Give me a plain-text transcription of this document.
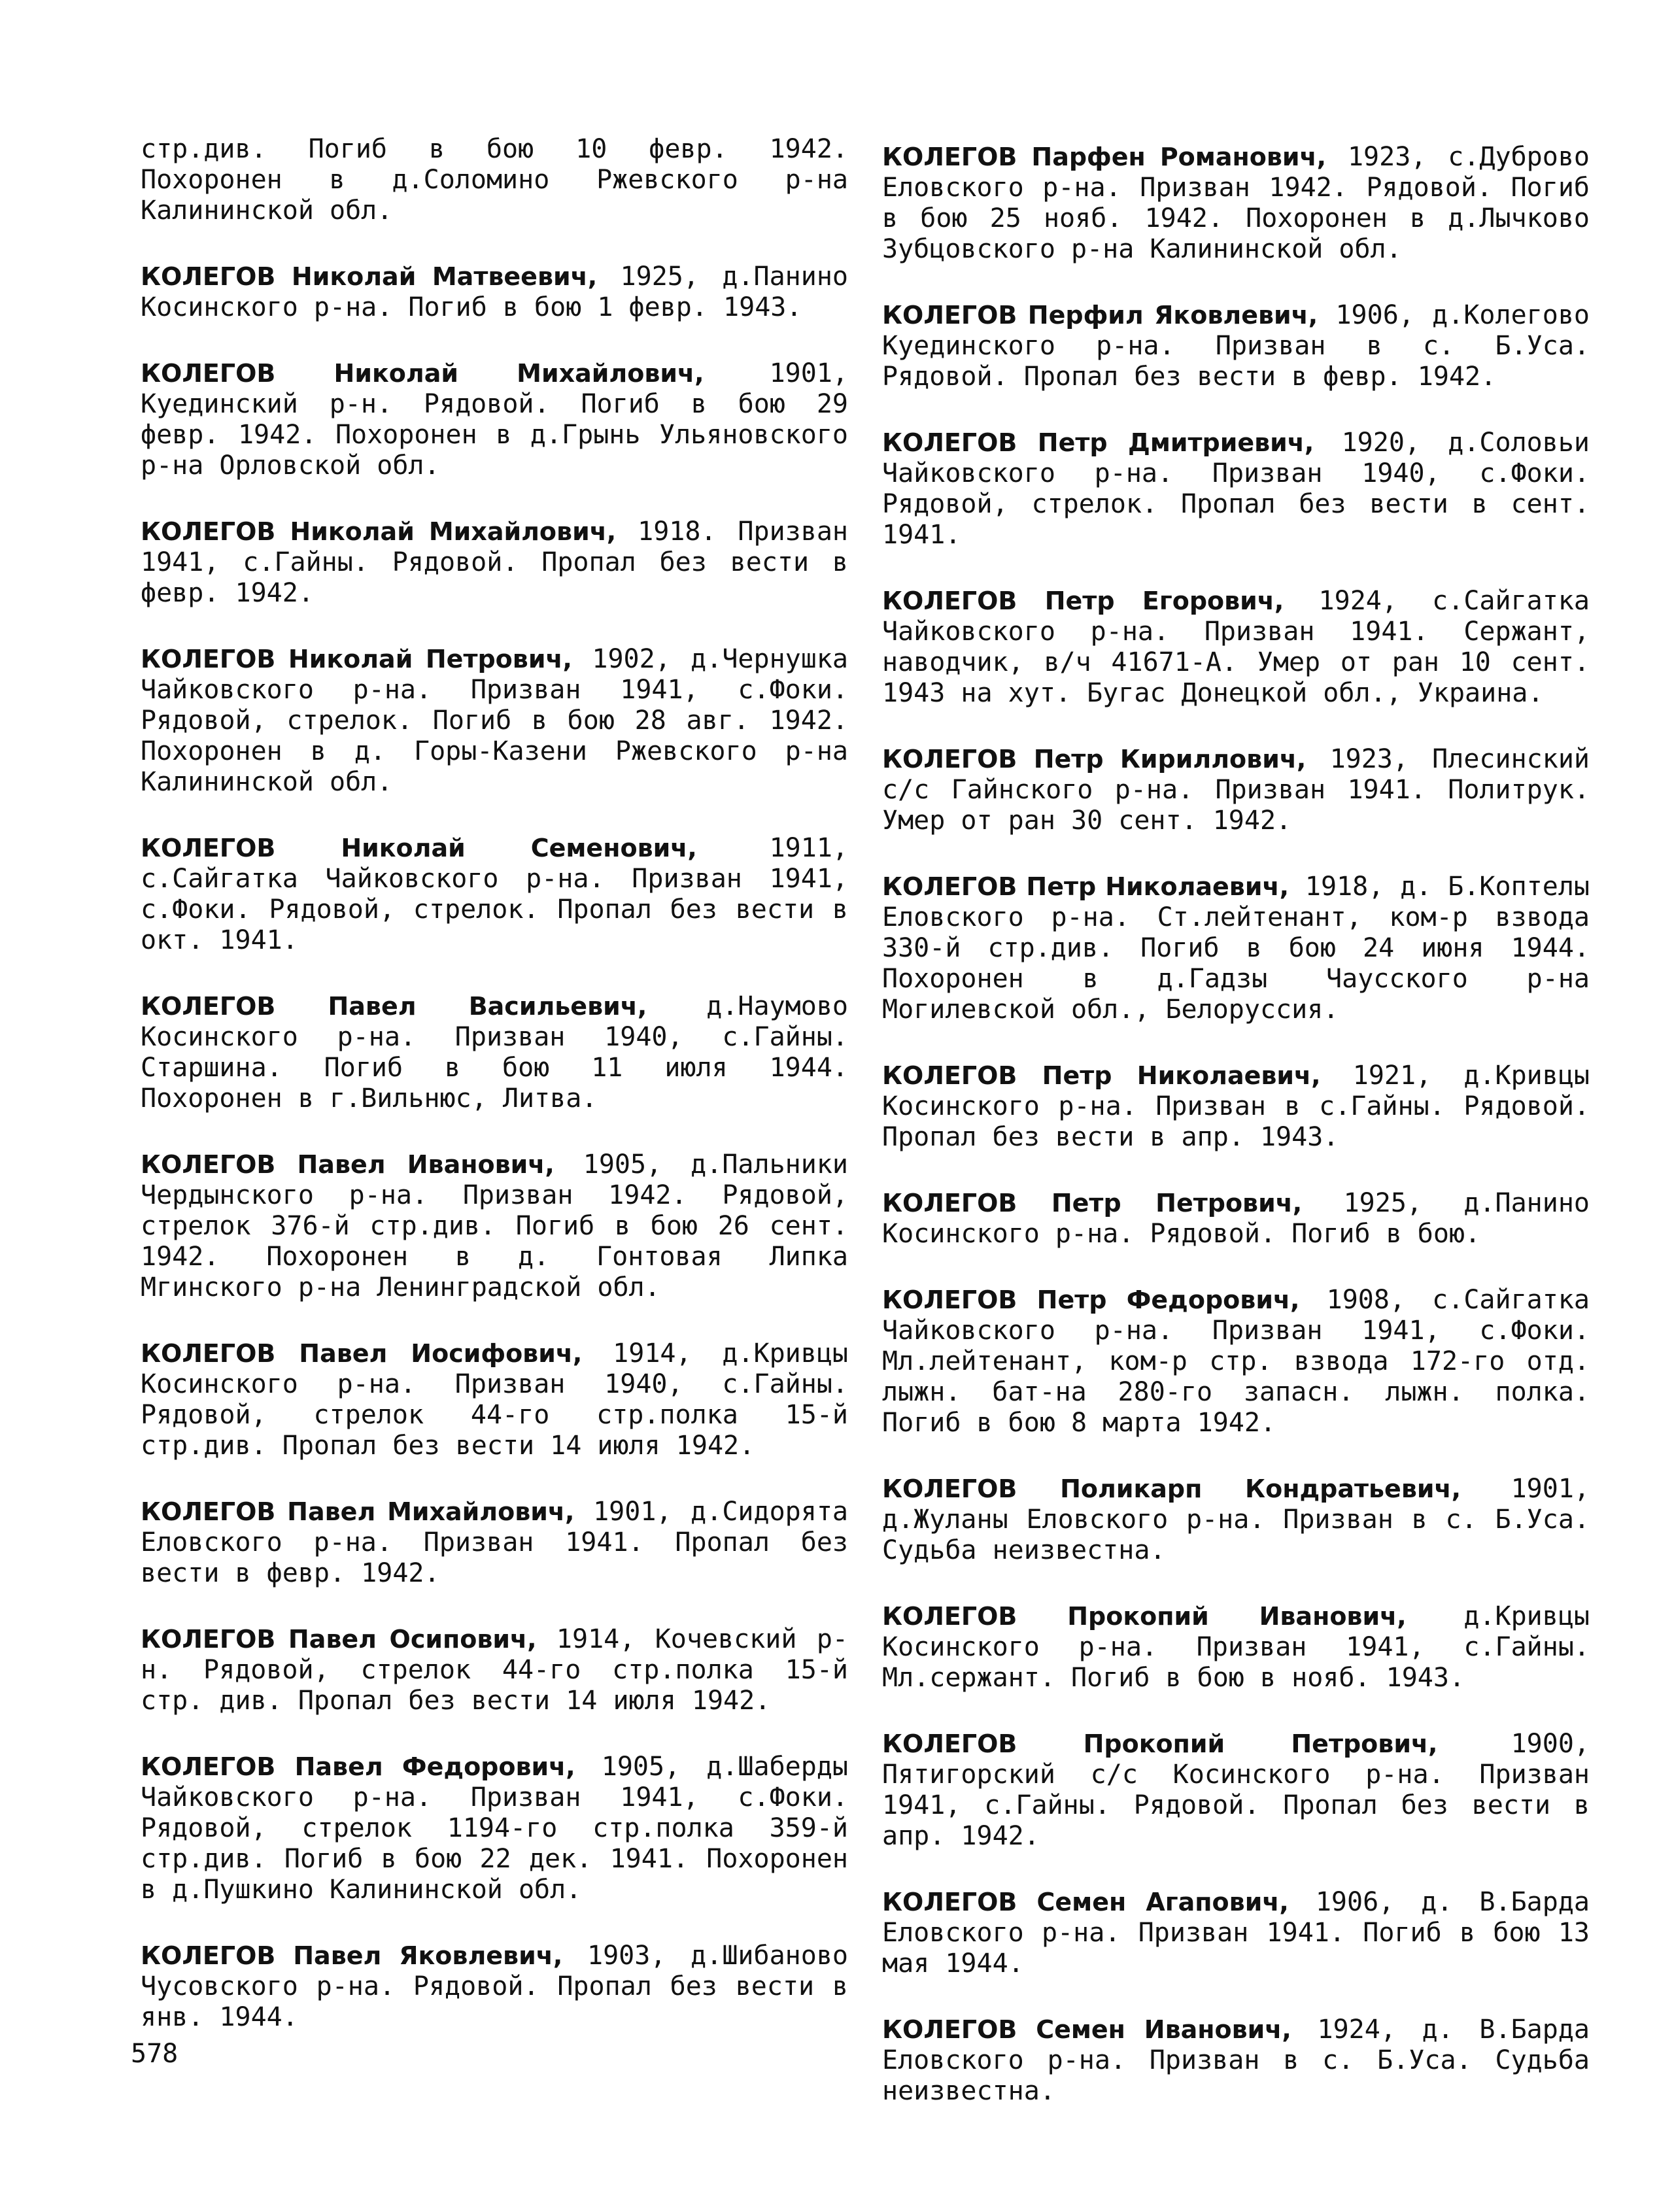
стр.див. Погиб в бою 10 февр. 1942. Похоронен в д.Соломино Ржевского р-на Калининской обл.

КОЛЕГОВ Николай Матвеевич, 1925, д.Панино Косинского р-на. Погиб в бою 1 февр. 1943.

КОЛЕГОВ Николай Михайлович, 1901, Куединский р-н. Рядовой. Погиб в бою 29 февр. 1942. Похоронен в д.Грынь Ульяновского р-на Орловской обл.

КОЛЕГОВ Николай Михайлович, 1918. Призван 1941, с.Гайны. Рядовой. Пропал без вести в февр. 1942.

КОЛЕГОВ Николай Петрович, 1902, д.Чернушка Чайковского р-на. Призван 1941, с.Фоки. Рядовой, стрелок. Погиб в бою 28 авг. 1942. Похоронен в д. Горы-Казени Ржевского р-на Калининской обл.

КОЛЕГОВ Николай Семенович, 1911, с.Сайгатка Чайковского р-на. Призван 1941, с.Фоки. Рядовой, стрелок. Пропал без вести в окт. 1941.

КОЛЕГОВ Павел Васильевич, д.Наумово Косинского р-на. Призван 1940, с.Гайны. Старшина. Погиб в бою 11 июля 1944. Похоронен в г.Вильнюс, Литва.

КОЛЕГОВ Павел Иванович, 1905, д.Пальники Чердынского р-на. Призван 1942. Рядовой, стрелок 376-й стр.див. Погиб в бою 26 сент. 1942. Похоронен в д. Гонтовая Липка Мгинского р-на Ленинградской обл.

КОЛЕГОВ Павел Иосифович, 1914, д.Кривцы Косинского р-на. Призван 1940, с.Гайны. Рядовой, стрелок 44-го стр.полка 15-й стр.див. Пропал без вести 14 июля 1942.

КОЛЕГОВ Павел Михайлович, 1901, д.Сидорята Еловского р-на. Призван 1941. Пропал без вести в февр. 1942.

КОЛЕГОВ Павел Осипович, 1914, Кочевский р-н. Рядовой, стрелок 44-го стр.полка 15-й стр. див. Пропал без вести 14 июля 1942.

КОЛЕГОВ Павел Федорович, 1905, д.Шаберды Чайковского р-на. Призван 1941, с.Фоки. Рядовой, стрелок 1194-го стр.полка 359-й стр.див. Погиб в бою 22 дек. 1941. Похоронен в д.Пушкино Калининской обл.

КОЛЕГОВ Павел Яковлевич, 1903, д.Шибаново Чусовского р-на. Рядовой. Пропал без вести в янв. 1944.

КОЛЕГОВ Парфен Романович, 1923, с.Дуброво Еловского р-на. Призван 1942. Рядовой. Погиб в бою 25 нояб. 1942. Похоронен в д.Лычково Зубцовского р-на Калининской обл.

КОЛЕГОВ Перфил Яковлевич, 1906, д.Колегово Куединского р-на. Призван в с. Б.Уса. Рядовой. Пропал без вести в февр. 1942.

КОЛЕГОВ Петр Дмитриевич, 1920, д.Соловьи Чайковского р-на. Призван 1940, с.Фоки. Рядовой, стрелок. Пропал без вести в сент. 1941.

КОЛЕГОВ Петр Егорович, 1924, с.Сайгатка Чайковского р-на. Призван 1941. Сержант, наводчик, в/ч 41671-А. Умер от ран 10 сент. 1943 на хут. Бугас Донецкой обл., Украина.

КОЛЕГОВ Петр Кириллович, 1923, Плесинский с/с Гайнского р-на. Призван 1941. Политрук. Умер от ран 30 сент. 1942.

КОЛЕГОВ Петр Николаевич, 1918, д. Б.Коптелы Еловского р-на. Ст.лейтенант, ком-р взвода 330-й стр.див. Погиб в бою 24 июня 1944. Похоронен в д.Гадзы Чаусского р-на Могилевской обл., Белоруссия.

КОЛЕГОВ Петр Николаевич, 1921, д.Кривцы Косинского р-на. Призван в с.Гайны. Рядовой. Пропал без вести в апр. 1943.

КОЛЕГОВ Петр Петрович, 1925, д.Панино Косинского р-на. Рядовой. Погиб в бою.

КОЛЕГОВ Петр Федорович, 1908, с.Сайгатка Чайковского р-на. Призван 1941, с.Фоки. Мл.лейтенант, ком-р стр. взвода 172-го отд. лыжн. бат-на 280-го запасн. лыжн. полка. Погиб в бою 8 марта 1942.

КОЛЕГОВ Поликарп Кондратьевич, 1901, д.Жуланы Еловского р-на. Призван в с. Б.Уса. Судьба неизвестна.

КОЛЕГОВ Прокопий Иванович, д.Кривцы Косинского р-на. Призван 1941, с.Гайны. Мл.сержант. Погиб в бою в нояб. 1943.

КОЛЕГОВ Прокопий Петрович, 1900, Пятигорский с/с Косинского р-на. Призван 1941, с.Гайны. Рядовой. Пропал без вести в апр. 1942.

КОЛЕГОВ Семен Агапович, 1906, д. В.Барда Еловского р-на. Призван 1941. Погиб в бою 13 мая 1944.

КОЛЕГОВ Семен Иванович, 1924, д. В.Барда Еловского р-на. Призван в с. Б.Уса. Судьба неизвестна.

578
